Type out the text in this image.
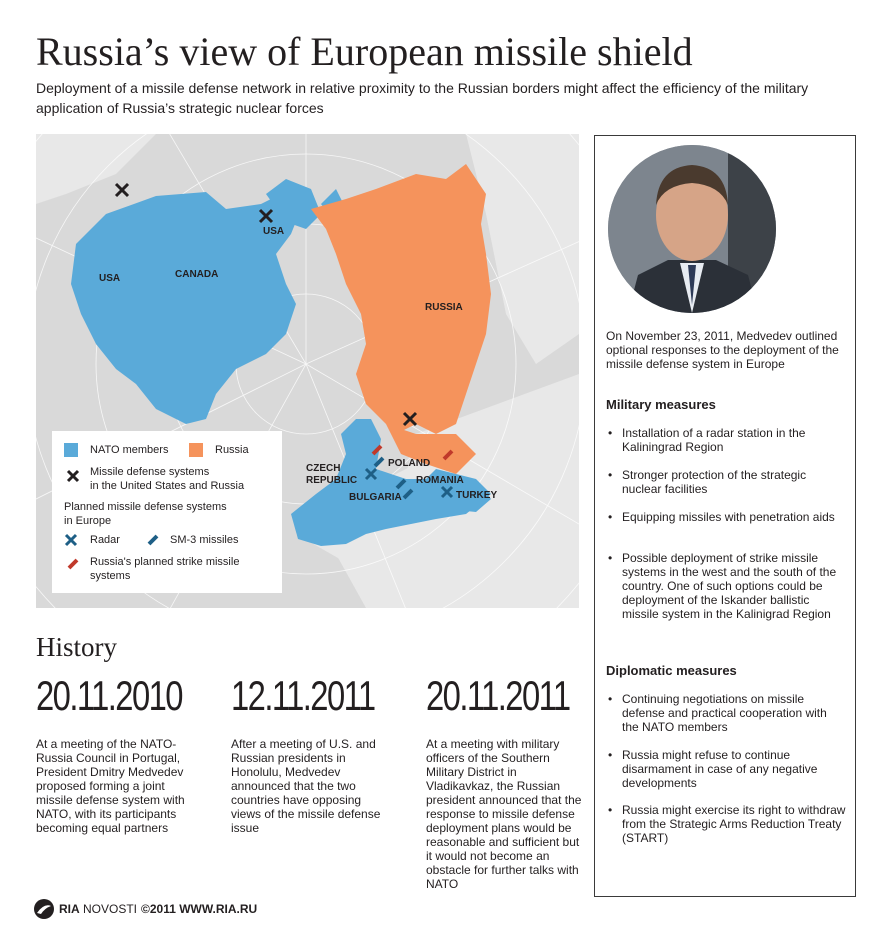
Russia’s view of European missile shield
Deployment of a missile defense network in relative proximity to the Russian borders might affect the efficiency of the military application of Russia’s strategic nuclear forces
USA	CANADA
USA
RUSSIA
POLAND
CZECH
REPUBLIC	ROMANIA
BULGARIA	TURKEY
NATO members	Russia
Missile defense systems
in the United States and Russia
Planned missile defense systems
in Europe
Radar	SM-3 missiles
Russia's planned strike missile
systems
On November 23, 2011, Medvedev outlined optional responses to the deployment of the missile defense system in Europe
Military measures
• Installation of a radar station in the Kaliningrad Region
• Stronger protection of the strategic nuclear facilities
• Equipping missiles with penetration aids
• Possible deployment of strike missile systems in the west and the south of the country. One of such options could be deployment of the Iskander ballistic missile system in the Kalinigrad Region
Diplomatic measures
• Continuing negotiations on missile defense and practical cooperation with the NATO members
• Russia might refuse to continue disarmament in case of any negative developments
• Russia might exercise its right to withdraw from the Strategic Arms Reduction Treaty (START)
History
20.11.2010
At a meeting of the NATO-Russia Council in Portugal, President Dmitry Medvedev proposed forming a joint missile defense system with NATO, with its participants becoming equal partners
12.11.2011
After a meeting of U.S. and Russian presidents in Honolulu, Medvedev announced that the two countries have opposing views of the missile defense issue
20.11.2011
At a meeting with military officers of the Southern Military District in Vladikavkaz, the Russian president announced that the response to missile defense deployment plans would be reasonable and sufficient but it would not become an obstacle for further talks with NATO
RIA NOVOSTI ©2011 WWW.RIA.RU
